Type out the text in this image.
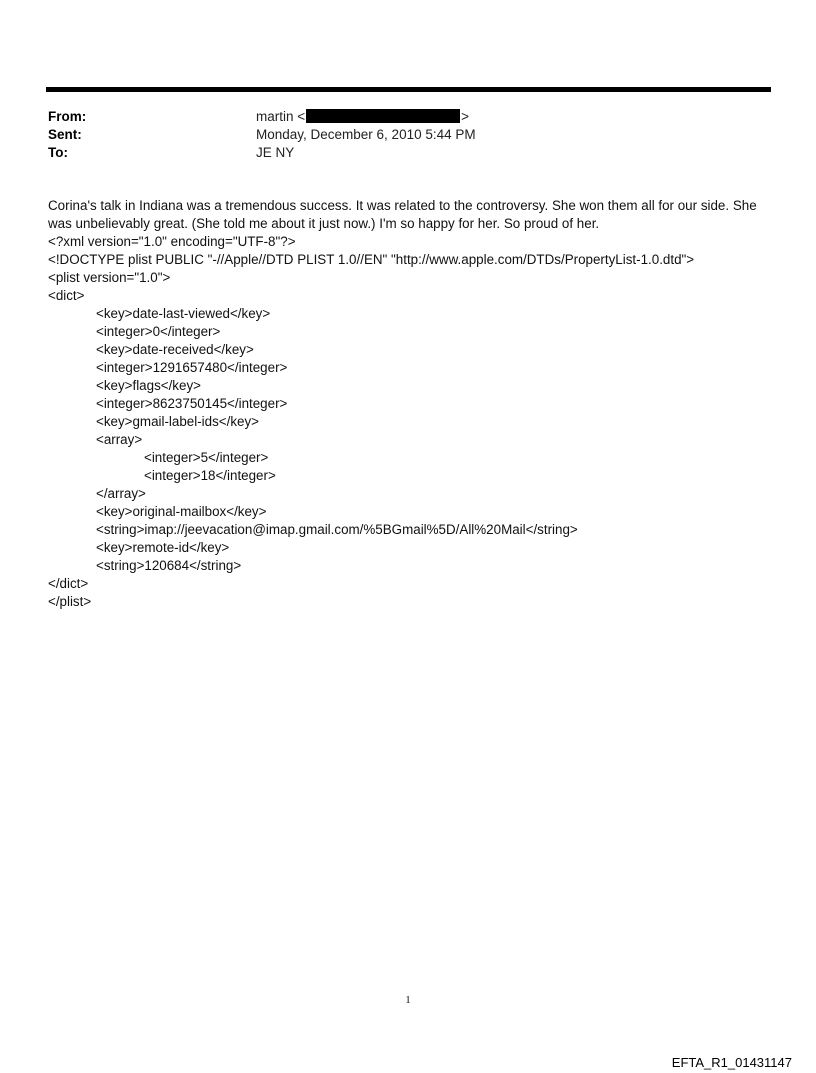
From:	martin <	>
Sent:	Monday, December 6, 2010 5:44 PM
To:	JE NY

Corina's talk in Indiana was a tremendous success. It was related to the controversy. She won them all for our side. She was unbelievably great. (She told me about it just now.) I'm so happy for her. So proud of her.

<?xml version="1.0" encoding="UTF-8"?>
<!DOCTYPE plist PUBLIC "-//Apple//DTD PLIST 1.0//EN" "http://www.apple.com/DTDs/PropertyList-1.0.dtd">
<plist version="1.0">
<dict>
<key>date-last-viewed</key>
<integer>0</integer>
<key>date-received</key>
<integer>1291657480</integer>
<key>flags</key>
<integer>8623750145</integer>
<key>gmail-label-ids</key>
<array>
<integer>5</integer>
<integer>18</integer>
</array>
<key>original-mailbox</key>
<string>imap://jeevacation@imap.gmail.com/%5BGmail%5D/All%20Mail</string>
<key>remote-id</key>
<string>120684</string>
</dict>
</plist>
1
EFTA_R1_01431147
